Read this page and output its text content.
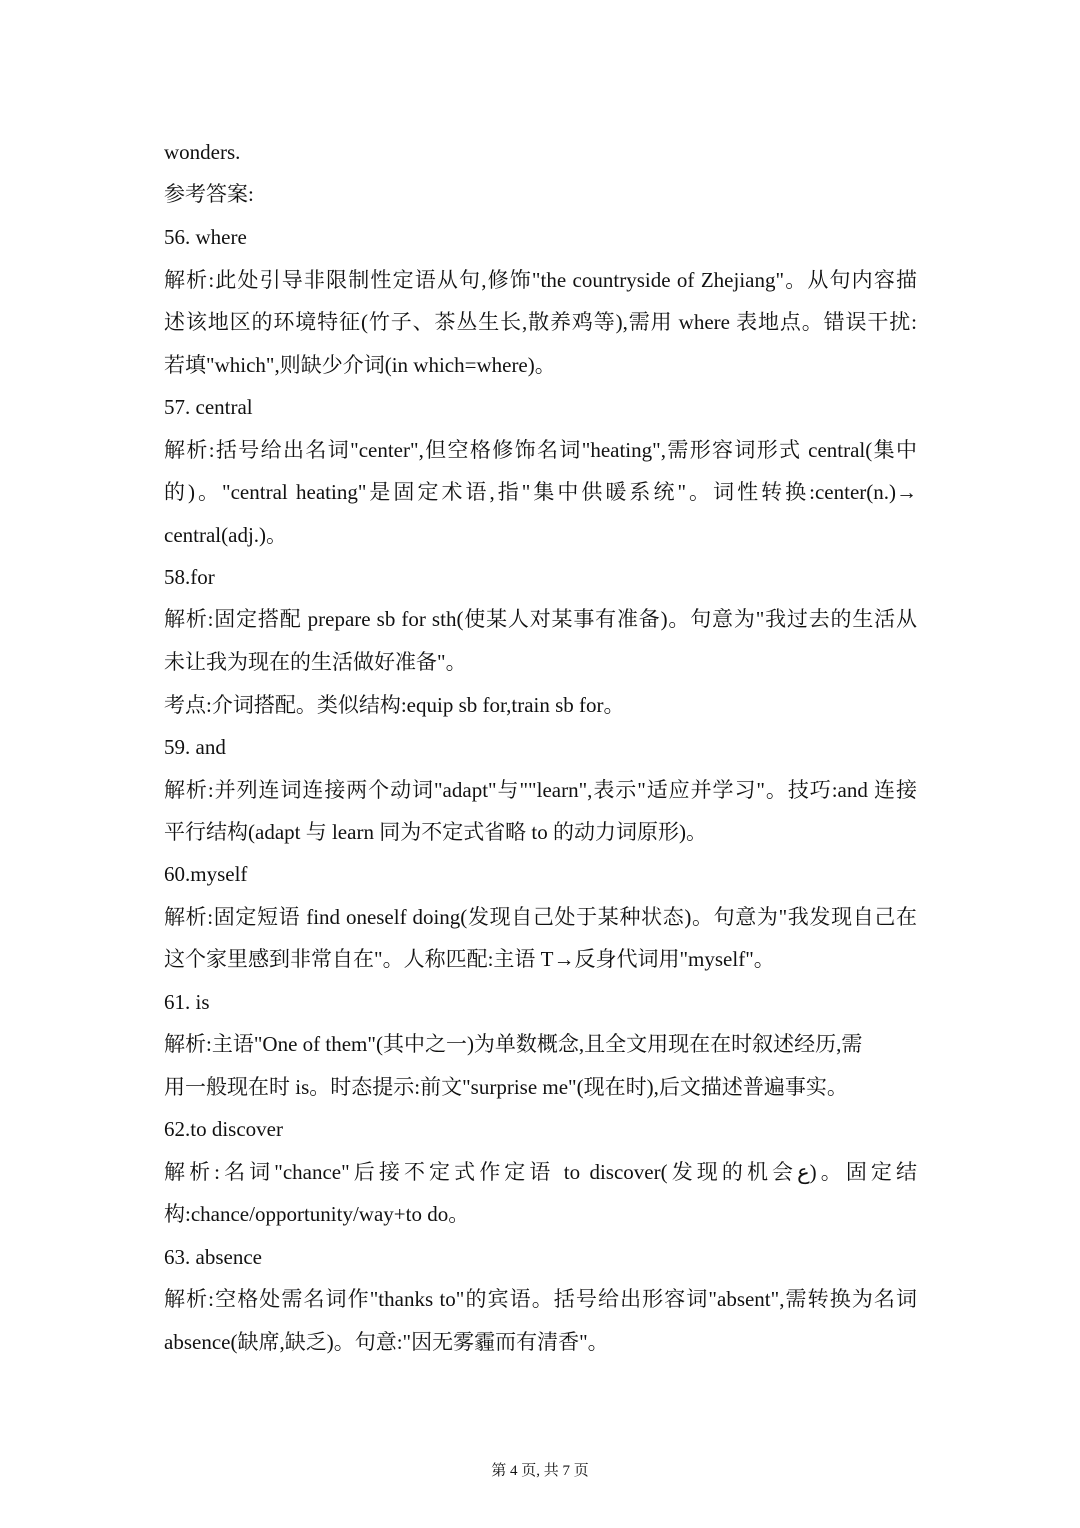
wonders.
参考答案:
56. where
解析:此处引导非限制性定语从句,修饰"the countryside of Zhejiang"。从句内容描
述该地区的环境特征(竹子、茶丛生长,散养鸡等),需用 where 表地点。错误干扰:
若填"which",则缺少介词(in which=where)。
57. central
解析:括号给出名词"center",但空格修饰名词"heating",需形容词形式 central(集中
的)。"central heating"是固定术语,指"集中供暖系统"。词性转换:center(n.)→
central(adj.)。
58.for
解析:固定搭配 prepare sb for sth(使某人对某事有准备)。句意为"我过去的生活从
未让我为现在的生活做好准备"。
考点:介词搭配。类似结构:equip sb for,train sb for。
59. and
解析:并列连词连接两个动词"adapt"与""learn",表示"适应并学习"。技巧:and 连接
平行结构(adapt 与 learn 同为不定式省略 to 的动力词原形)。
60.myself
解析:固定短语 find oneself doing(发现自己处于某种状态)。句意为"我发现自己在
这个家里感到非常自在"。人称匹配:主语 T→反身代词用"myself"。
61. is
解析:主语"One of them"(其中之一)为单数概念,且全文用现在在时叙述经历,需
用一般现在时 is。时态提示:前文"surprise me"(现在时),后文描述普遍事实。
62.to discover
解析:名词"chance"后接不定式作定语 to discover(发现的机会ع)。固定结
构:chance/opportunity/way+to do。
63. absence
解析:空格处需名词作"thanks to"的宾语。括号给出形容词"absent",需转换为名词
absence(缺席,缺乏)。句意:"因无雾霾而有清香"。
第 4 页, 共 7 页
